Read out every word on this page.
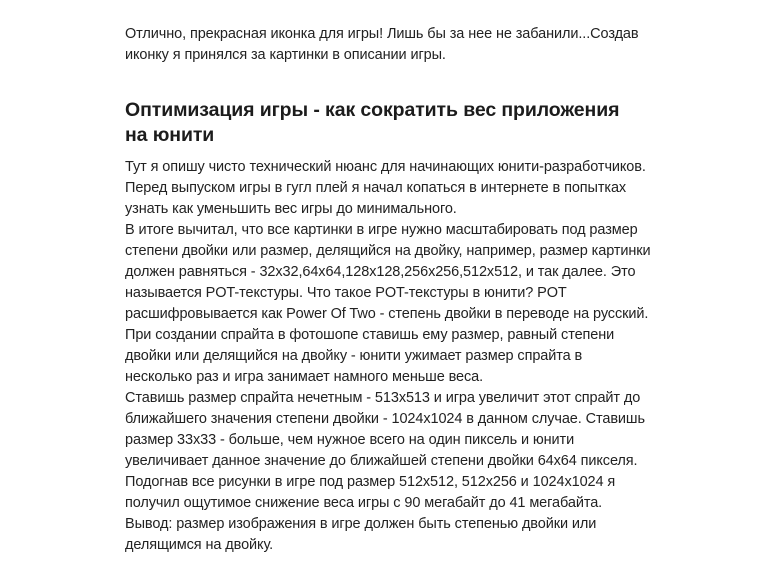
Отлично, прекрасная иконка для игры! Лишь бы за нее не забанили...Создав

иконку я принялся за картинки в описании игры.

Оптимизация игры - как сократить вес приложения
на юнити

Тут я опишу чисто технический нюанс для начинающих юнити-разработчиков.

Перед выпуском игры в гугл плей я начал копаться в интернете в попытках

узнать как уменьшить вес игры до минимального.

В итоге вычитал, что все картинки в игре нужно масштабировать под размер

степени двойки или размер, делящийся на двойку, например, размер картинки

должен равняться - 32x32,64x64,128x128,256x256,512x512, и так далее. Это

называется POT-текстуры. Что такое POT-текстуры в юнити? POT

расшифровывается как Power Of Two - степень двойки в переводе на русский.

При создании спрайта в фотошопе ставишь ему размер, равный степени

двойки или делящийся на двойку - юнити ужимает размер спрайта в

несколько раз и игра занимает намного меньше веса.

Ставишь размер спрайта нечетным - 513x513 и игра увеличит этот спрайт до

ближайшего значения степени двойки - 1024x1024 в данном случае. Ставишь

размер 33x33 - больше, чем нужное всего на один пиксель и юнити

увеличивает данное значение до ближайшей степени двойки 64x64 пикселя.

Подогнав все рисунки в игре под размер 512x512, 512x256 и 1024x1024 я

получил ощутимое снижение веса игры с 90 мегабайт до 41 мегабайта.

Вывод: размер изображения в игре должен быть степенью двойки или

делящимся на двойку.
